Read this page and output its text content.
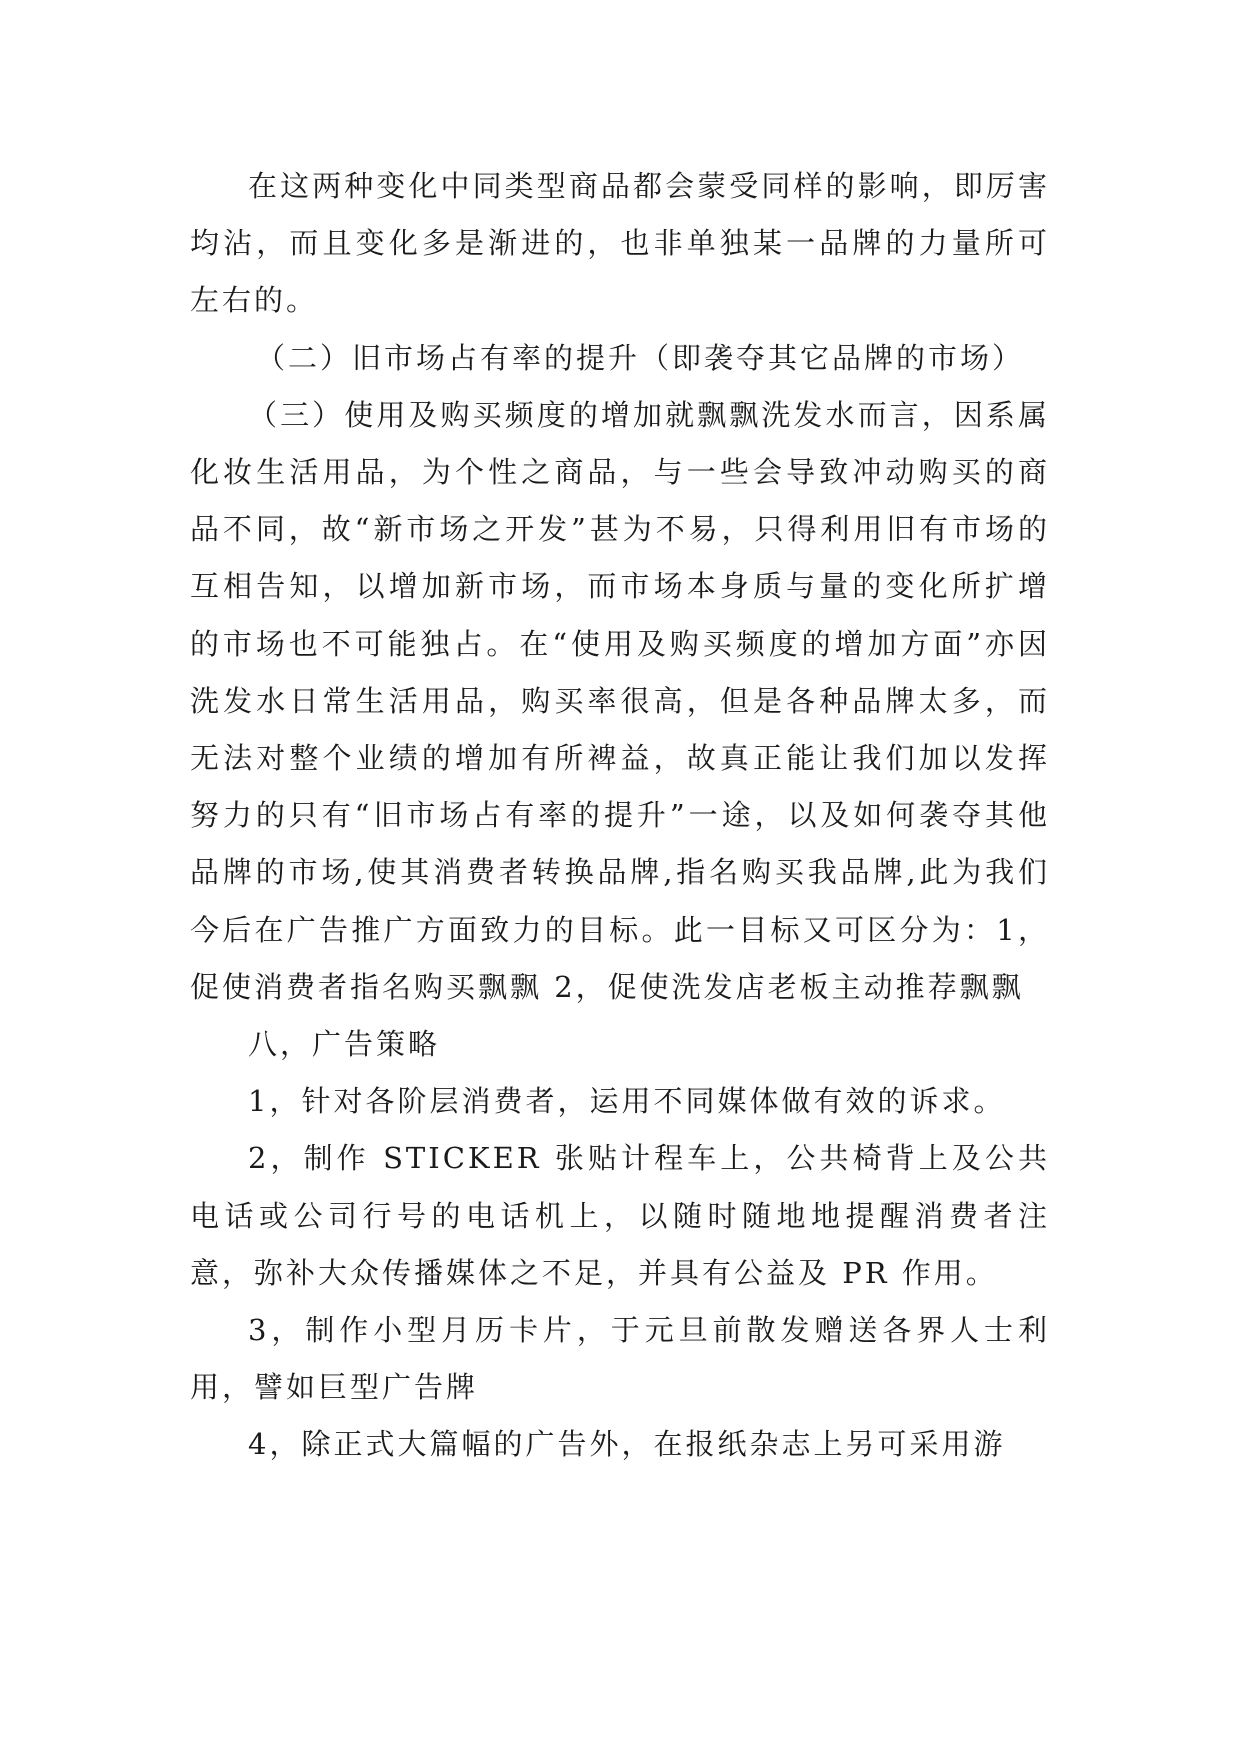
在这两种变化中同类型商品都会蒙受同样的影响，即厉害均沾，而且变化多是渐进的，也非单独某一品牌的力量所可左右的。

（二）旧市场占有率的提升（即袭夺其它品牌的市场）

（三）使用及购买频度的增加就飘飘洗发水而言，因系属化妆生活用品，为个性之商品，与一些会导致冲动购买的商品不同，故“新市场之开发”甚为不易，只得利用旧有市场的互相告知，以增加新市场，而市场本身质与量的变化所扩增的市场也不可能独占。在“使用及购买频度的增加方面”亦因洗发水日常生活用品，购买率很高，但是各种品牌太多，而无法对整个业绩的增加有所裨益，故真正能让我们加以发挥努力的只有“旧市场占有率的提升”一途，以及如何袭夺其他品牌的市场,使其消费者转换品牌,指名购买我品牌,此为我们今后在广告推广方面致力的目标。此一目标又可区分为：1，促使消费者指名购买飘飘 2，促使洗发店老板主动推荐飘飘

八，广告策略

1，针对各阶层消费者，运用不同媒体做有效的诉求。

2，制作 STICKER 张贴计程车上，公共椅背上及公共电话或公司行号的电话机上，以随时随地地提醒消费者注意，弥补大众传播媒体之不足，并具有公益及 PR 作用。

3，制作小型月历卡片，于元旦前散发赠送各界人士利用，譬如巨型广告牌

4，除正式大篇幅的广告外，在报纸杂志上另可采用游
